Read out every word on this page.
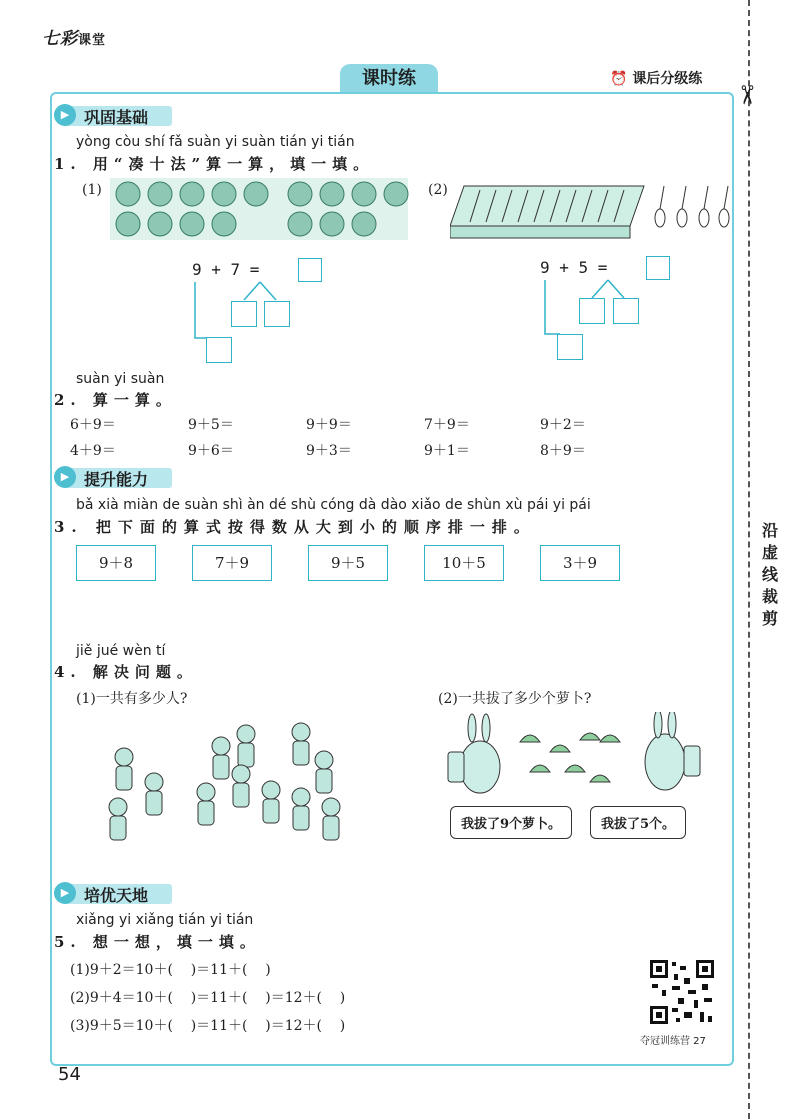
七彩课堂
课时练	⏰ 课后分级练
✂
沿虚线裁剪
▶ 巩固基础
yòng còu shí fǎ suàn yi suàn tián yi tián
1. 用“凑十法”算一算，填一填。
(1)	(2)
9 + 7 =	9 + 5 =
suàn yi suàn
2. 算一算。
6＋9＝	9＋5＝	9＋9＝	7＋9＝	9＋2＝
4＋9＝	9＋6＝	9＋3＝	9＋1＝	8＋9＝
▶ 提升能力
bǎ xià miàn de suàn shì àn dé shù cóng dà dào xiǎo de shùn xù pái yi pái
3. 把下面的算式按得数从大到小的顺序排一排。
9＋8	7＋9	9＋5	10＋5	3＋9
jiě jué wèn tí
4. 解决问题。
(1)一共有多少人?	(2)一共拔了多少个萝卜?
我拔了9个萝卜。	我拔了5个。
▶ 培优天地
xiǎng yi xiǎng tián yi tián
5. 想一想，填一填。
(1)9＋2＝10＋(    )＝11＋(    )
(2)9＋4＝10＋(    )＝11＋(    )＝12＋(    )
(3)9＋5＝10＋(    )＝11＋(    )＝12＋(    )
夺冠训练营 27
54
